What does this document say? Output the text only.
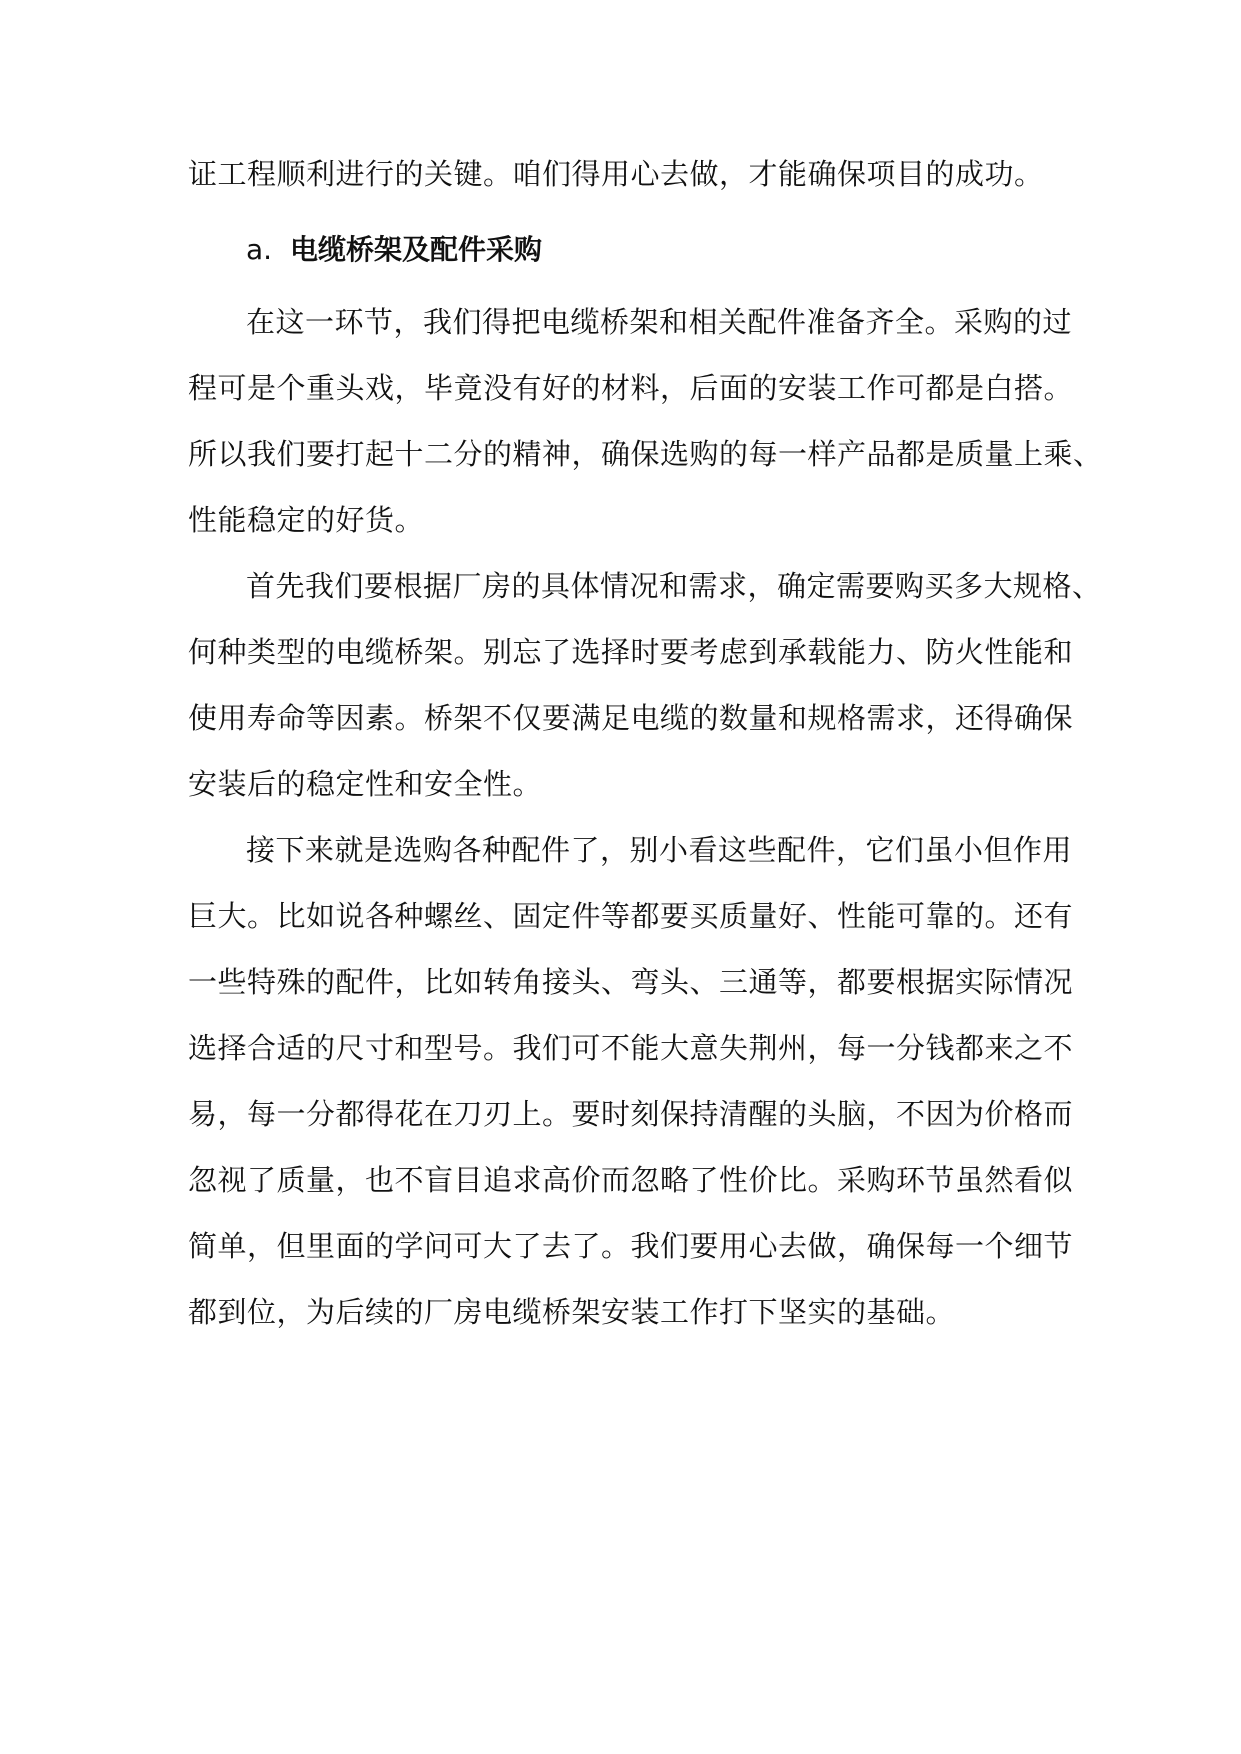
证工程顺利进行的关键。咱们得用心去做，才能确保项目的成功。
a. 电缆桥架及配件采购
在这一环节，我们得把电缆桥架和相关配件准备齐全。采购的过
程可是个重头戏，毕竟没有好的材料，后面的安装工作可都是白搭。
所以我们要打起十二分的精神，确保选购的每一样产品都是质量上乘、
性能稳定的好货。
首先我们要根据厂房的具体情况和需求，确定需要购买多大规格、
何种类型的电缆桥架。别忘了选择时要考虑到承载能力、防火性能和
使用寿命等因素。桥架不仅要满足电缆的数量和规格需求，还得确保
安装后的稳定性和安全性。
接下来就是选购各种配件了，别小看这些配件，它们虽小但作用
巨大。比如说各种螺丝、固定件等都要买质量好、性能可靠的。还有
一些特殊的配件，比如转角接头、弯头、三通等，都要根据实际情况
选择合适的尺寸和型号。我们可不能大意失荆州，每一分钱都来之不
易，每一分都得花在刀刃上。要时刻保持清醒的头脑，不因为价格而
忽视了质量，也不盲目追求高价而忽略了性价比。采购环节虽然看似
简单，但里面的学问可大了去了。我们要用心去做，确保每一个细节
都到位，为后续的厂房电缆桥架安装工作打下坚实的基础。
